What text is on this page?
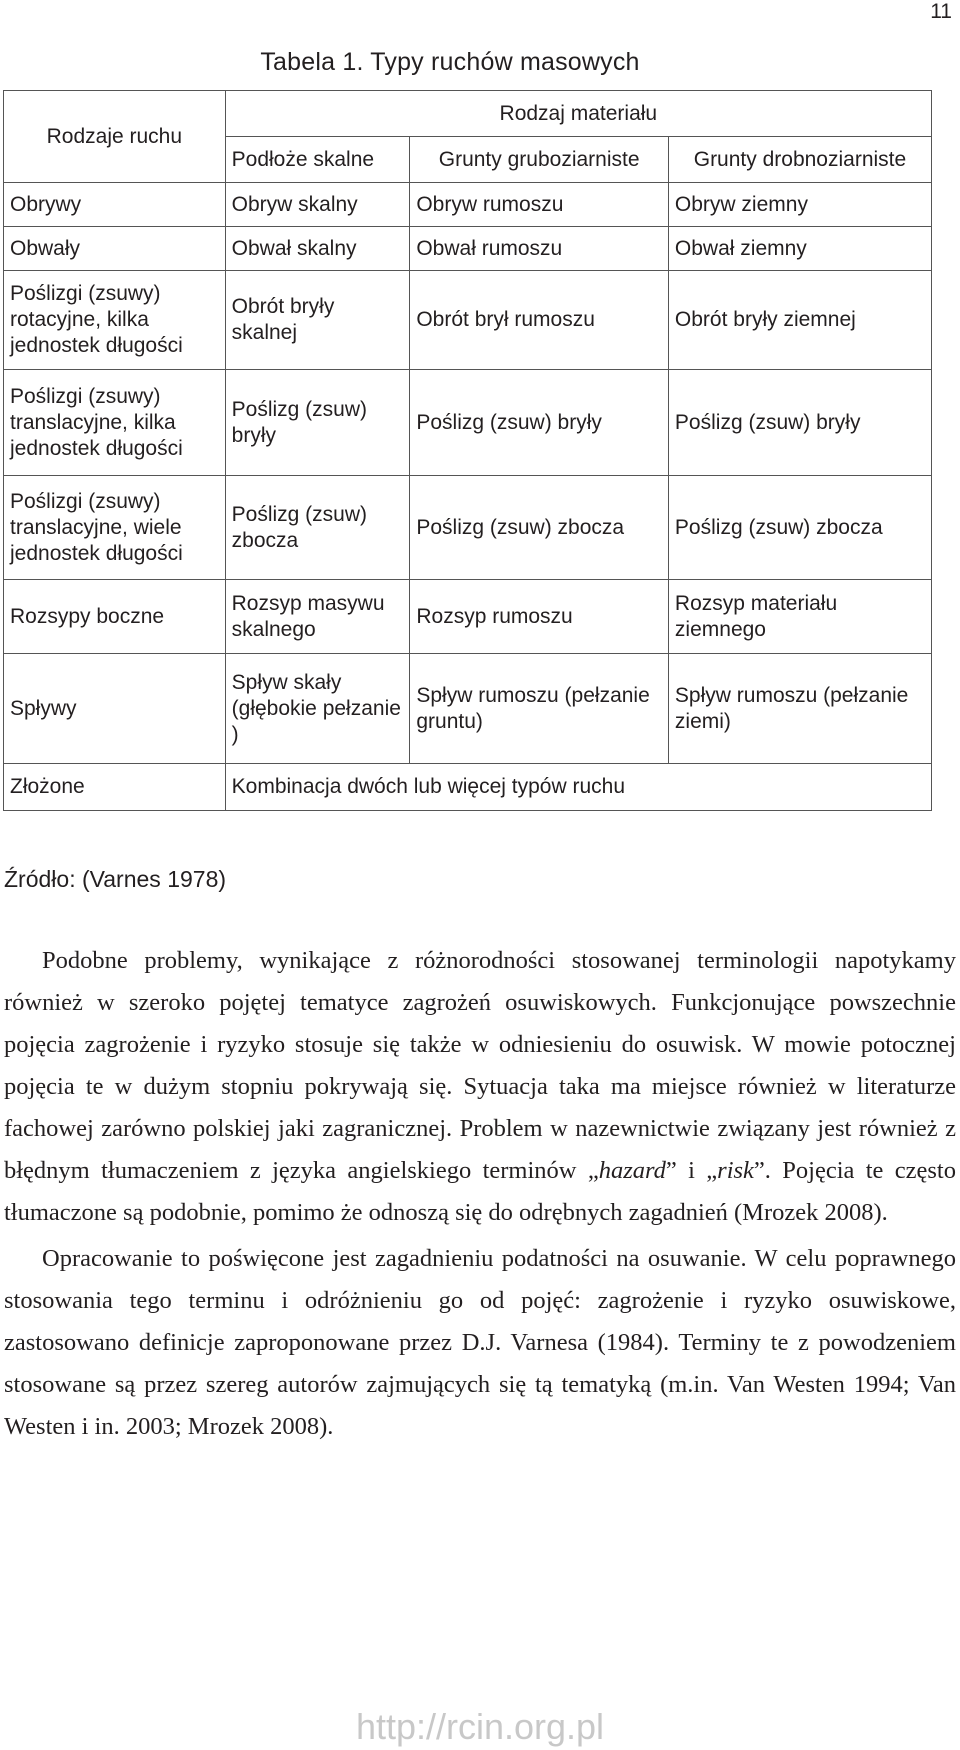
11
Tabela 1. Typy ruchów masowych
Rodzaje ruchu	Rodzaj materiału		
	Podłoże skalne	Grunty gruboziarniste	Grunty drobnoziarniste
Obrywy	Obryw skalny	Obryw rumoszu	Obryw ziemny
Obwały	Obwał skalny	Obwał rumoszu	Obwał ziemny
Poślizgi (zsuwy) rotacyjne, kilka jednostek długości	Obrót bryły skalnej	Obrót brył rumoszu	Obrót bryły ziemnej
Poślizgi (zsuwy) translacyjne, kilka jednostek długości	Poślizg (zsuw) bryły	Poślizg (zsuw) bryły	Poślizg (zsuw) bryły
Poślizgi (zsuwy) translacyjne, wiele jednostek długości	Poślizg (zsuw) zbocza	Poślizg (zsuw) zbocza	Poślizg (zsuw) zbocza
Rozsypy boczne	Rozsyp masywu skalnego	Rozsyp rumoszu	Rozsyp materiału ziemnego
Spływy	Spływ skały (głębokie pełzanie )	Spływ rumoszu (pełzanie gruntu)	Spływ rumoszu (pełzanie ziemi)
Złożone	Kombinacja dwóch lub więcej typów ruchu		
Źródło: (Varnes 1978)

Podobne problemy, wynikające z różnorodności stosowanej terminologii napotykamy również w szeroko pojętej tematyce zagrożeń osuwiskowych. Funkcjonujące powszechnie pojęcia zagrożenie i ryzyko stosuje się także w odniesieniu do osuwisk. W mowie potocznej pojęcia te w dużym stopniu pokrywają się. Sytuacja taka ma miejsce również w literaturze fachowej zarówno polskiej jaki zagranicznej. Problem w nazewnictwie związany jest również z błędnym tłumaczeniem z języka angielskiego terminów „hazard” i „risk”. Pojęcia te często tłumaczone są podobnie, pomimo że odnoszą się do odrębnych zagadnień (Mrozek 2008).

Opracowanie to poświęcone jest zagadnieniu podatności na osuwanie. W celu poprawnego stosowania tego terminu i odróżnieniu go od pojęć: zagrożenie i ryzyko osuwiskowe, zastosowano definicje zaproponowane przez D.J. Varnesa (1984). Terminy te z powodzeniem stosowane są przez szereg autorów zajmujących się tą tematyką (m.in. Van Westen 1994; Van Westen i in. 2003; Mrozek 2008).

http://rcin.org.pl
